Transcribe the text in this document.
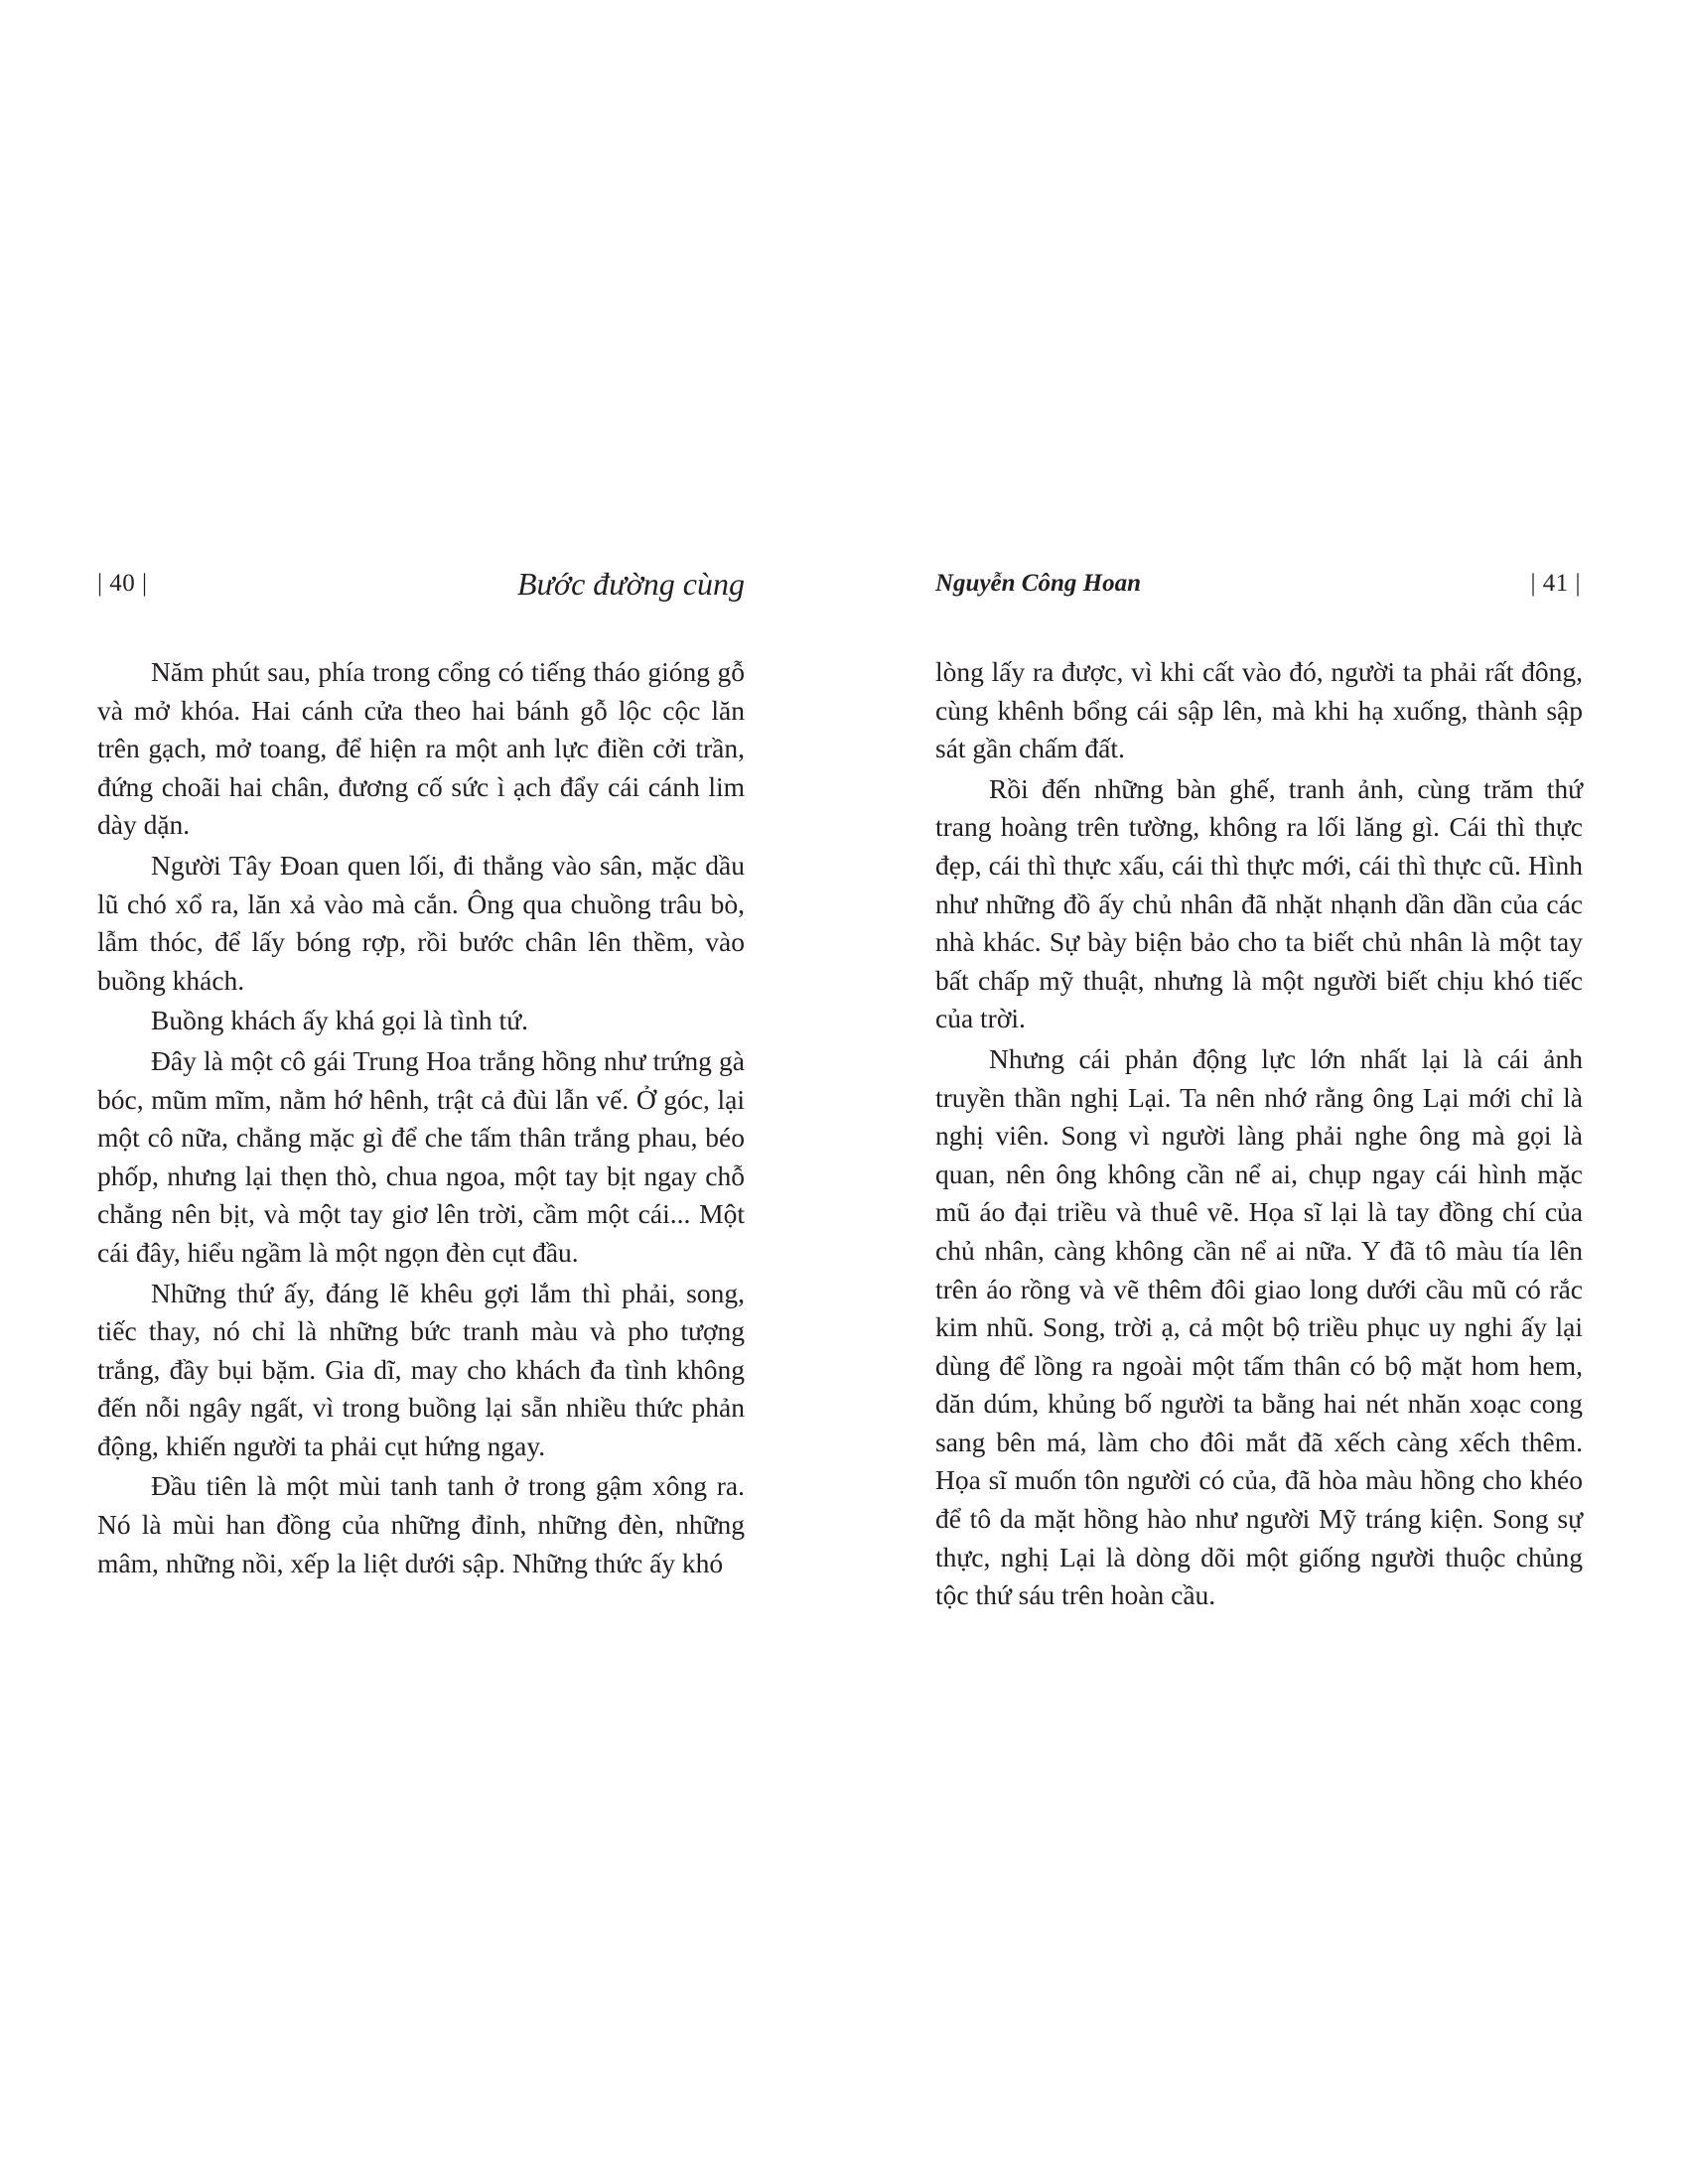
| 40 |	Bước đường cùng

Năm phút sau, phía trong cổng có tiếng tháo gióng gỗ và mở khóa. Hai cánh cửa theo hai bánh gỗ lộc cộc lăn trên gạch, mở toang, để hiện ra một anh lực điền cởi trần, đứng choãi hai chân, đương cố sức ì ạch đẩy cái cánh lim dày dặn.

Người Tây Đoan quen lối, đi thẳng vào sân, mặc dầu lũ chó xổ ra, lăn xả vào mà cắn. Ông qua chuồng trâu bò, lẫm thóc, để lấy bóng rợp, rồi bước chân lên thềm, vào buồng khách.

Buồng khách ấy khá gọi là tình tứ.

Đây là một cô gái Trung Hoa trắng hồng như trứng gà bóc, mũm mĩm, nằm hớ hênh, trật cả đùi lẫn vế. Ở góc, lại một cô nữa, chẳng mặc gì để che tấm thân trắng phau, béo phốp, nhưng lại thẹn thò, chua ngoa, một tay bịt ngay chỗ chẳng nên bịt, và một tay giơ lên trời, cầm một cái... Một cái đây, hiểu ngầm là một ngọn đèn cụt đầu.

Những thứ ấy, đáng lẽ khêu gợi lắm thì phải, song, tiếc thay, nó chỉ là những bức tranh màu và pho tượng trắng, đầy bụi bặm. Gia dĩ, may cho khách đa tình không đến nỗi ngây ngất, vì trong buồng lại sẵn nhiều thức phản động, khiến người ta phải cụt hứng ngay.

Đầu tiên là một mùi tanh tanh ở trong gậm xông ra. Nó là mùi han đồng của những đỉnh, những đèn, những mâm, những nồi, xếp la liệt dưới sập. Những thức ấy khó

Nguyễn Công Hoan	| 41 |

lòng lấy ra được, vì khi cất vào đó, người ta phải rất đông, cùng khênh bổng cái sập lên, mà khi hạ xuống, thành sập sát gần chấm đất.

Rồi đến những bàn ghế, tranh ảnh, cùng trăm thứ trang hoàng trên tường, không ra lối lăng gì. Cái thì thực đẹp, cái thì thực xấu, cái thì thực mới, cái thì thực cũ. Hình như những đồ ấy chủ nhân đã nhặt nhạnh dần dần của các nhà khác. Sự bày biện bảo cho ta biết chủ nhân là một tay bất chấp mỹ thuật, nhưng là một người biết chịu khó tiếc của trời.

Nhưng cái phản động lực lớn nhất lại là cái ảnh truyền thần nghị Lại. Ta nên nhớ rằng ông Lại mới chỉ là nghị viên. Song vì người làng phải nghe ông mà gọi là quan, nên ông không cần nể ai, chụp ngay cái hình mặc mũ áo đại triều và thuê vẽ. Họa sĩ lại là tay đồng chí của chủ nhân, càng không cần nể ai nữa. Y đã tô màu tía lên trên áo rồng và vẽ thêm đôi giao long dưới cầu mũ có rắc kim nhũ. Song, trời ạ, cả một bộ triều phục uy nghi ấy lại dùng để lồng ra ngoài một tấm thân có bộ mặt hom hem, dăn dúm, khủng bố người ta bằng hai nét nhăn xoạc cong sang bên má, làm cho đôi mắt đã xếch càng xếch thêm. Họa sĩ muốn tôn người có của, đã hòa màu hồng cho khéo để tô da mặt hồng hào như người Mỹ tráng kiện. Song sự thực, nghị Lại là dòng dõi một giống người thuộc chủng tộc thứ sáu trên hoàn cầu.
